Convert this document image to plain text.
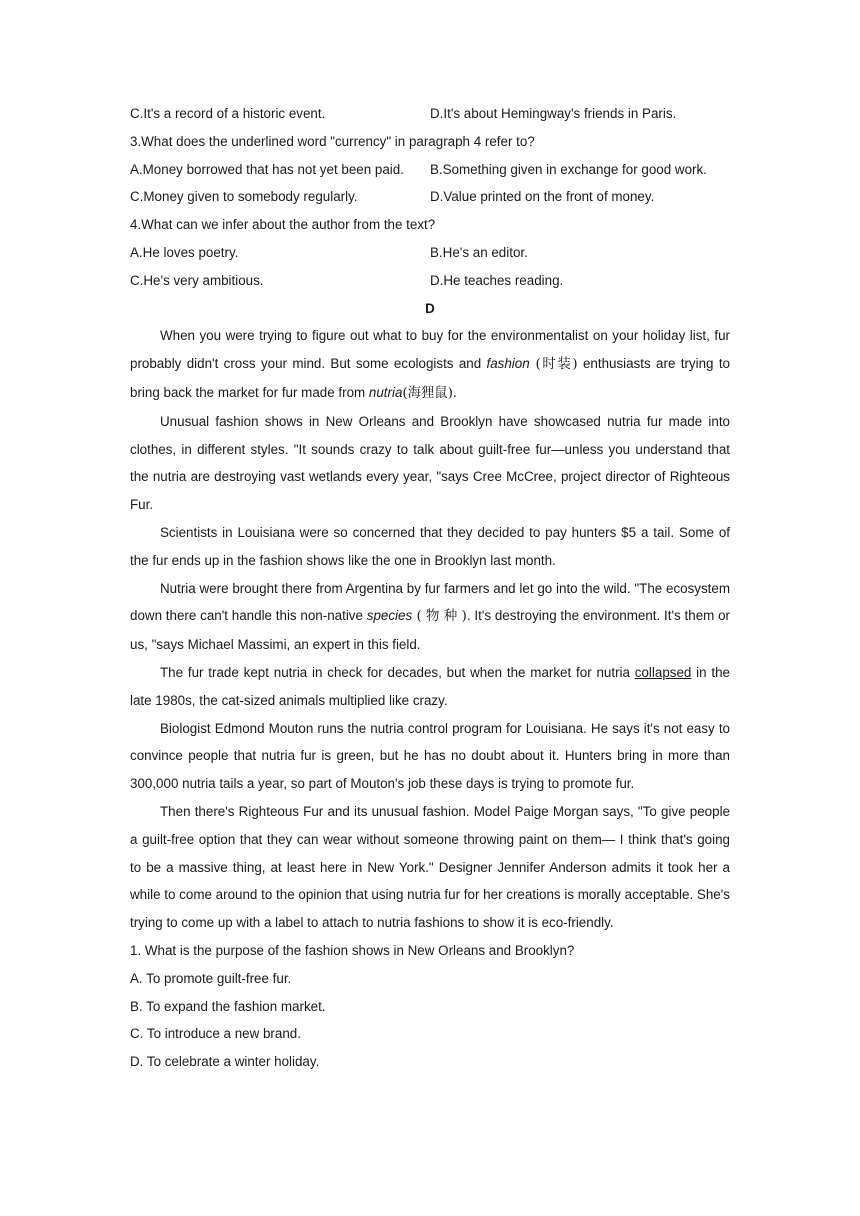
C.It's a record of a historic event.	D.It's about Hemingway's friends in Paris.
3.What does the underlined word "currency" in paragraph 4 refer to?
A.Money borrowed that has not yet been paid.	B.Something given in exchange for good work.
C.Money given to somebody regularly.	D.Value printed on the front of money.
4.What can we infer about the author from the text?
A.He loves poetry.	B.He's an editor.
C.He's very ambitious.	D.He teaches reading.
D

When you were trying to figure out what to buy for the environmentalist on your holiday list, fur probably didn't cross your mind. But some ecologists and fashion (时装) enthusiasts are trying to bring back the market for fur made from nutria(海狸鼠).

Unusual fashion shows in New Orleans and Brooklyn have showcased nutria fur made into clothes, in different styles. "It sounds crazy to talk about guilt-free fur—unless you understand that the nutria are destroying vast wetlands every year, "says Cree McCree, project director of Righteous Fur.

Scientists in Louisiana were so concerned that they decided to pay hunters $5 a tail. Some of the fur ends up in the fashion shows like the one in Brooklyn last month.

Nutria were brought there from Argentina by fur farmers and let go into the wild. "The ecosystem down there can't handle this non-native species ( 物 种 ). It's destroying the environment. It's them or us, "says Michael Massimi, an expert in this field.

The fur trade kept nutria in check for decades, but when the market for nutria collapsed in the late 1980s, the cat-sized animals multiplied like crazy.

Biologist Edmond Mouton runs the nutria control program for Louisiana. He says it's not easy to convince people that nutria fur is green, but he has no doubt about it. Hunters bring in more than 300,000 nutria tails a year, so part of Mouton's job these days is trying to promote fur.

Then there's Righteous Fur and its unusual fashion. Model Paige Morgan says, "To give people a guilt-free option that they can wear without someone throwing paint on them— I think that's going to be a massive thing, at least here in New York." Designer Jennifer Anderson admits it took her a while to come around to the opinion that using nutria fur for her creations is morally acceptable. She's trying to come up with a label to attach to nutria fashions to show it is eco-friendly.

1. What is the purpose of the fashion shows in New Orleans and Brooklyn?
A. To promote guilt-free fur.
B. To expand the fashion market.
C. To introduce a new brand.
D. To celebrate a winter holiday.
